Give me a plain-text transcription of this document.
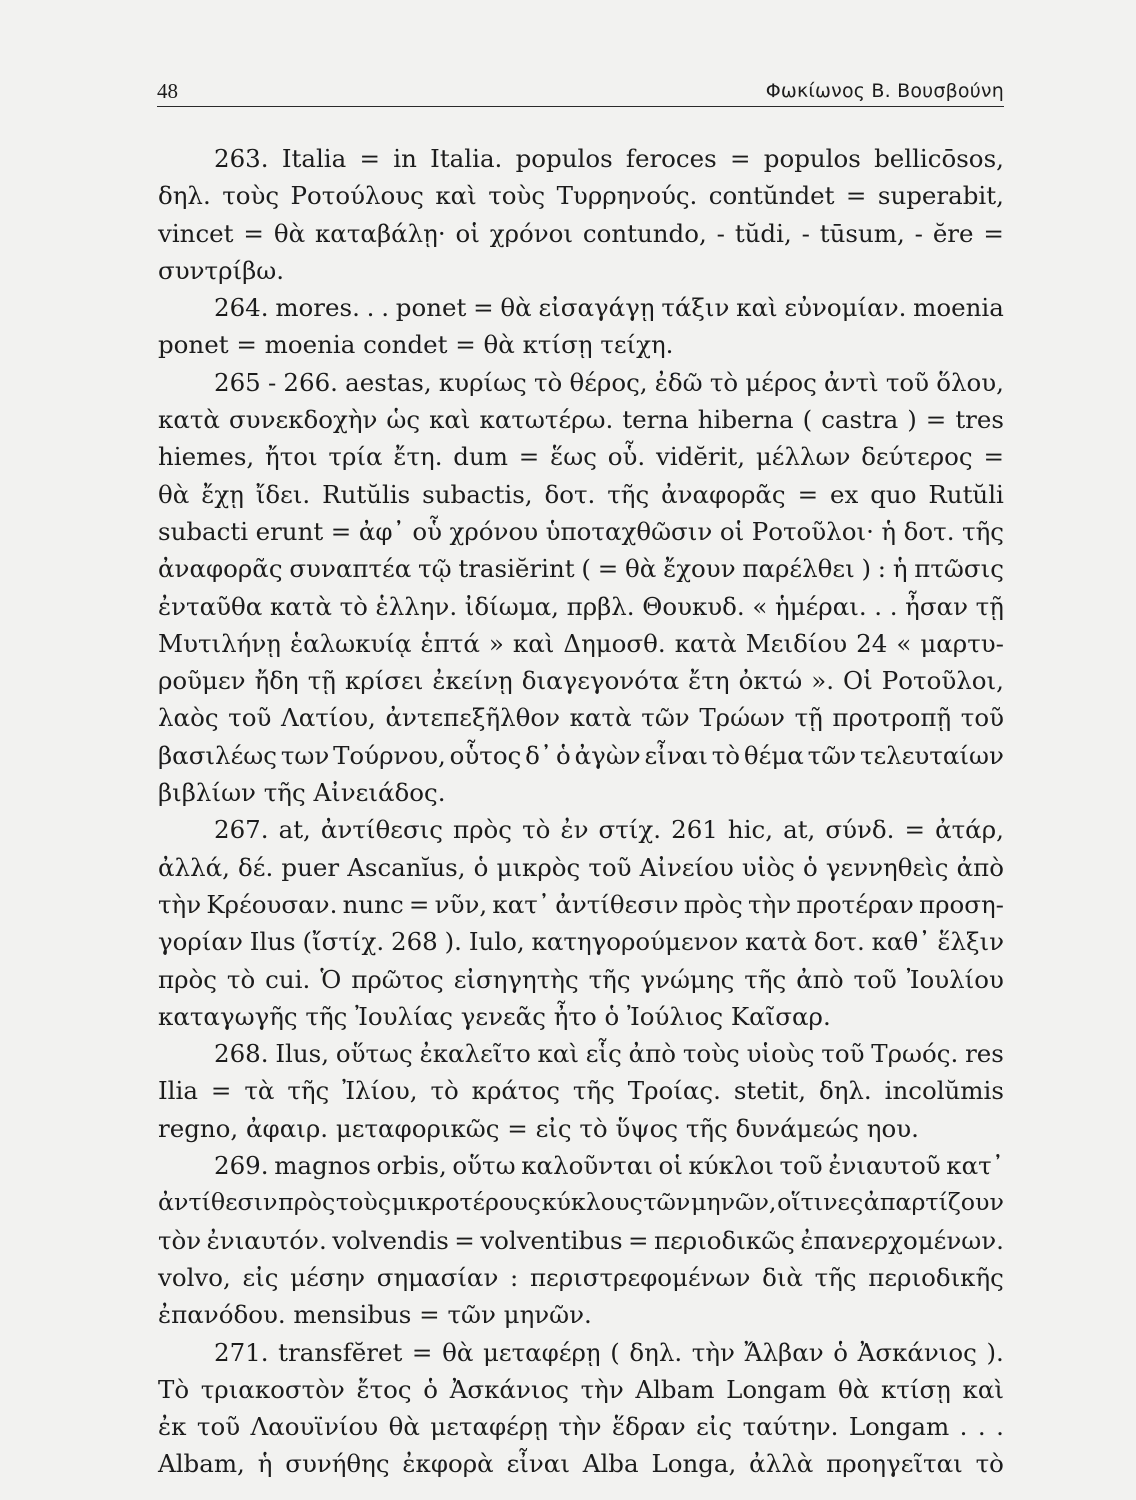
48	Φωκίωνος Β. Βουσβούνη
263. Italia = in Italia. populos feroces = populos bellicōsos,
δηλ. τοὺς Ροτούλους καὶ τοὺς Τυρρηνούς. contŭndet = superabit,
vincet = θὰ καταβάλῃ· οἱ χρόνοι contundo, - tŭdi, - tūsum, - ĕre =
συντρίβω.
264. mores. . . ponet = θὰ εἰσαγάγῃ τάξιν καὶ εὐνομίαν. moenia
ponet = moenia condet = θὰ κτίσῃ τείχη.
265 - 266. aestas, κυρίως τὸ θέρος, ἐδῶ τὸ μέρος ἀντὶ τοῦ ὅλου,
κατὰ συνεκδοχὴν ὡς καὶ κατωτέρω. terna hiberna ( castra ) = tres
hiemes, ἤτοι τρία ἔτη. dum = ἕως οὗ. vidĕrit, μέλλων δεύτερος =
θὰ ἔχῃ ἴδει. Rutŭlis subactis, δοτ. τῆς ἀναφορᾶς = ex quo Rutŭli
subacti erunt = ἀφ᾿ οὗ χρόνου ὑποταχθῶσιν οἱ Ροτοῦλοι· ἡ δοτ. τῆς
ἀναφορᾶς συναπτέα τῷ trasiĕrint ( = θὰ ἔχουν παρέλθει ) : ἡ πτῶσις
ἐνταῦθα κατὰ τὸ ἑλλην. ἰδίωμα, πρβλ. Θουκυδ. « ἡμέραι. . . ἦσαν τῇ
Μυτιλήνῃ ἑαλωκυίᾳ ἑπτά » καὶ Δημοσθ. κατὰ Μειδίου 24 « μαρτυ-
ροῦμεν ἤδη τῇ κρίσει ἐκείνῃ διαγεγονότα ἔτη ὀκτώ ». Οἱ Ροτοῦλοι,
λαὸς τοῦ Λατίου, ἀντεπεξῆλθον κατὰ τῶν Τρώων τῇ προτροπῇ τοῦ
βασιλέως των Τούρνου, οὗτος δ᾿ ὁ ἀγὼν εἶναι τὸ θέμα τῶν τελευταίων
βιβλίων τῆς Αἰνειάδος.
267. at, ἀντίθεσις πρὸς τὸ ἐν στίχ. 261 hic, at, σύνδ. = ἀτάρ,
ἀλλά, δέ. puer Ascanĭus, ὁ μικρὸς τοῦ Αἰνείου υἱὸς ὁ γεννηθεὶς ἀπὸ
τὴν Κρέουσαν. nunc = νῦν, κατ᾿ ἀντίθεσιν πρὸς τὴν προτέραν προση-
γορίαν Ilus (ἴστίχ. 268 ). Iulo, κατηγορούμενον κατὰ δοτ. καθ᾿ ἕλξιν
πρὸς τὸ cui. Ὁ πρῶτος εἰσηγητὴς τῆς γνώμης τῆς ἀπὸ τοῦ Ἰουλίου
καταγωγῆς τῆς Ἰουλίας γενεᾶς ἦτο ὁ Ἰούλιος Καῖσαρ.
268. Ilus, οὕτως ἐκαλεῖτο καὶ εἷς ἀπὸ τοὺς υἱοὺς τοῦ Τρωός. res
Ilia = τὰ τῆς Ἰλίου, τὸ κράτος τῆς Τροίας. stetit, δηλ. incolŭmis
regno, ἀφαιρ. μεταφορικῶς = εἰς τὸ ὕψος τῆς δυνάμεώς ηου.
269. magnos orbis, οὕτω καλοῦνται οἱ κύκλοι τοῦ ἐνιαυτοῦ κατ᾿
ἀντίθεσιν πρὸς τοὺς μικροτέρους κύκλους τῶν μηνῶν, οἵτινες ἀπαρτίζουν
τὸν ἐνιαυτόν. volvendis = volventibus = περιοδικῶς ἐπανερχομένων.
volvo, εἰς μέσην σημασίαν : περιστρεφομένων διὰ τῆς περιοδικῆς
ἐπανόδου. mensibus = τῶν μηνῶν.
271. transfĕret = θὰ μεταφέρῃ ( δηλ. τὴν Ἄλβαν ὁ Ἀσκάνιος ).
Τὸ τριακοστὸν ἔτος ὁ Ἀσκάνιος τὴν Albam Longam θὰ κτίσῃ καὶ
ἐκ τοῦ Λαουϊνίου θὰ μεταφέρῃ τὴν ἕδραν εἰς ταύτην. Longam . . .
Albam, ἡ συνήθης ἐκφορὰ εἶναι Alba Longa, ἀλλὰ προηγεῖται τὸ
